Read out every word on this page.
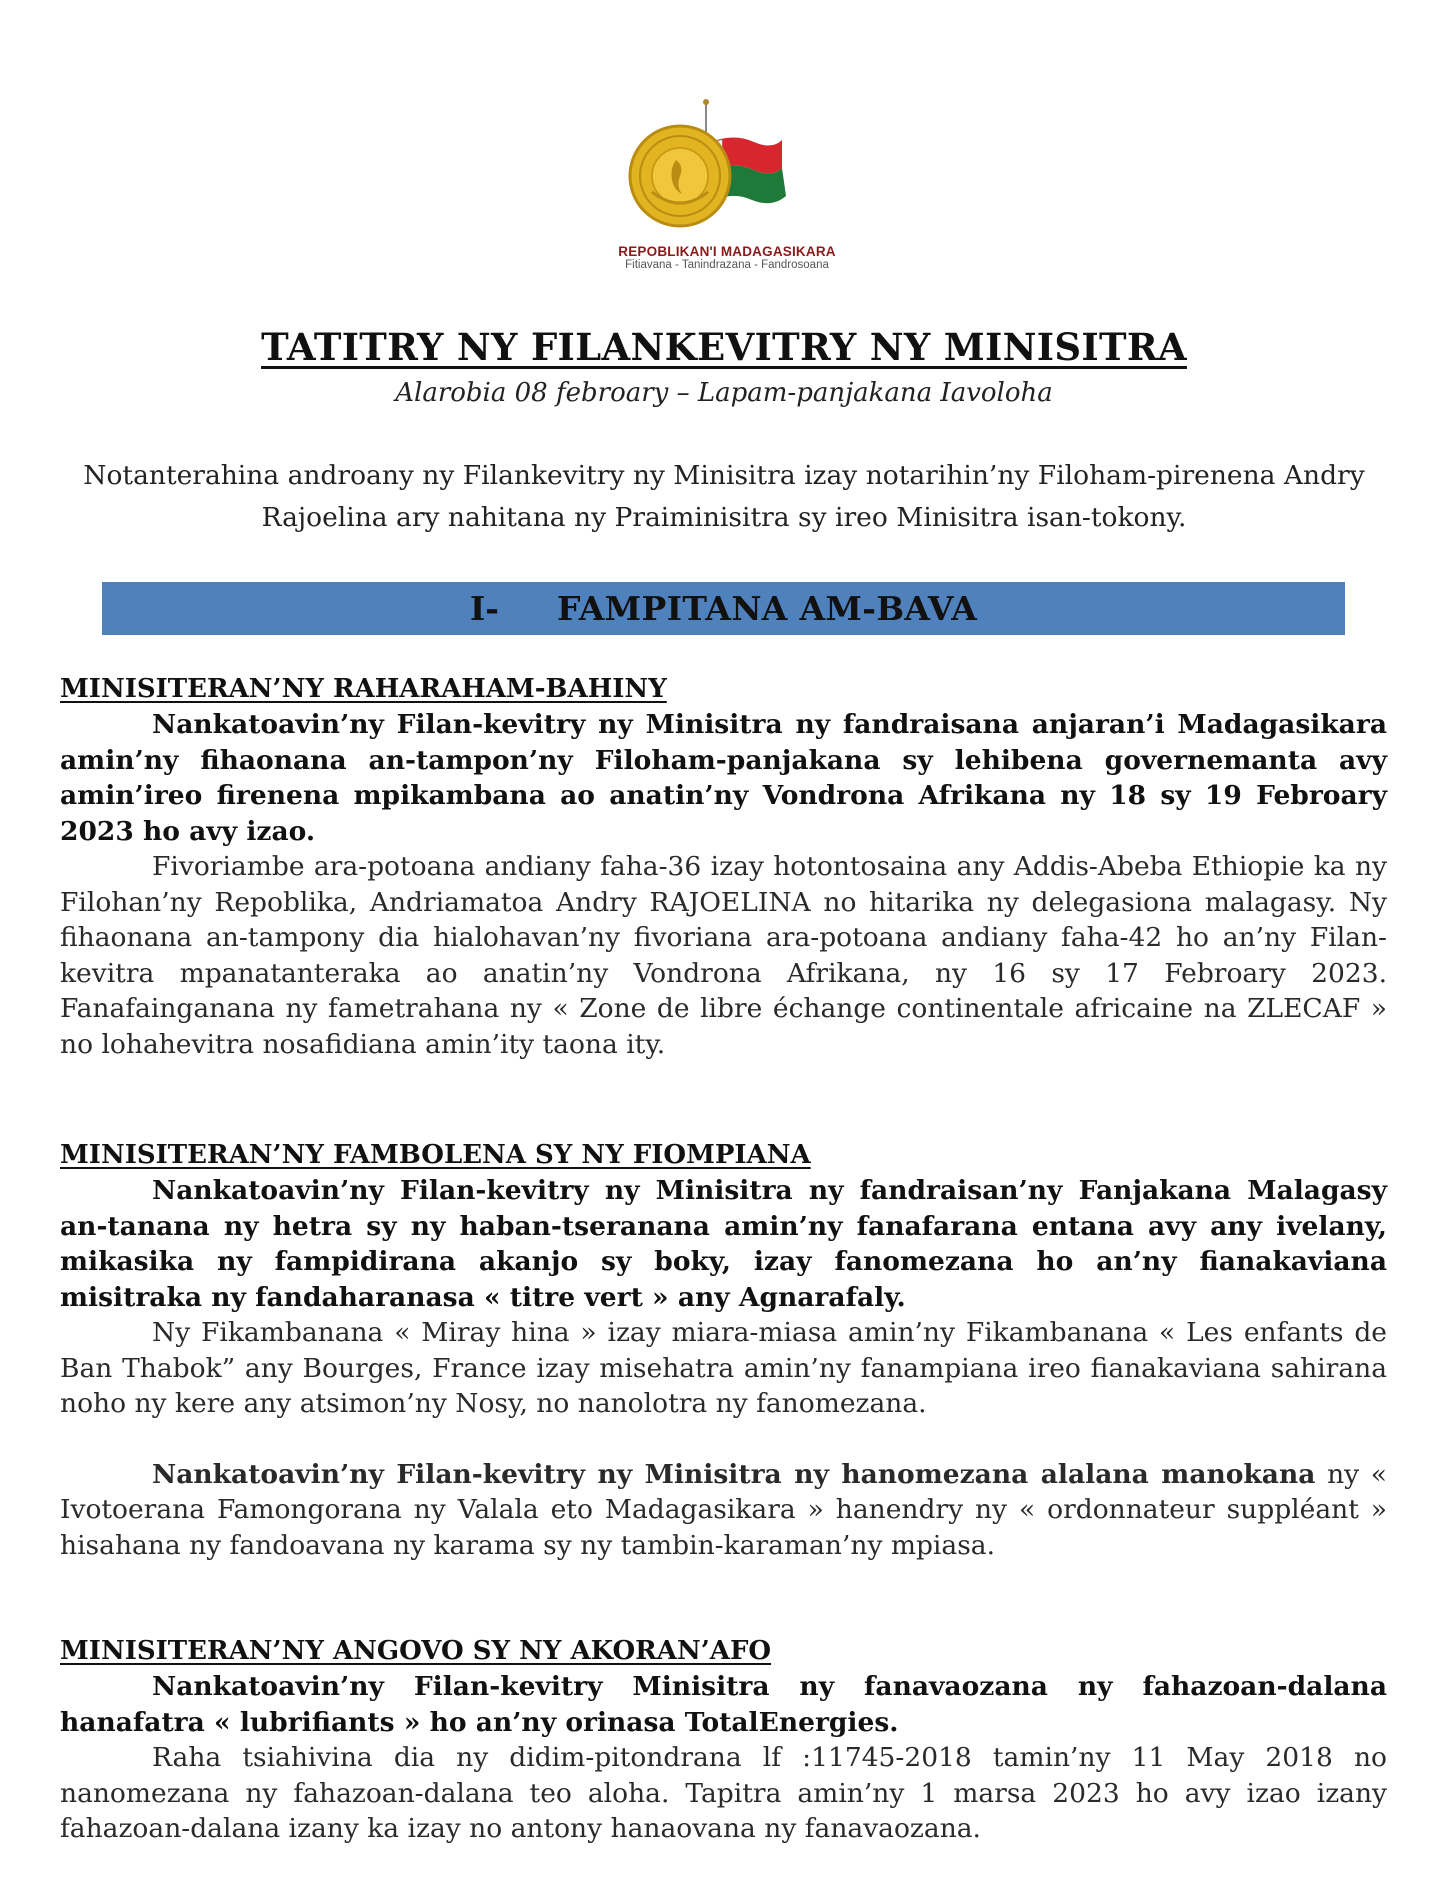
REPOBLIKAN'I MADAGASIKARA
Fitiavana - Tanindrazana - Fandrosoana
TATITRY NY FILANKEVITRY NY MINISITRA
Alarobia 08 febroary – Lapam-panjakana Iavoloha
Notanterahina androany ny Filankevitry ny Minisitra izay notarihin’ny Filoham-pirenena Andry Rajoelina ary nahitana ny Praiminisitra sy ireo Minisitra isan-tokony.
I- FAMPITANA AM-BAVA

MINISITERAN’NY RAHARAHAM-BAHINY

Nankatoavin’ny Filan-kevitry ny Minisitra ny fandraisana anjaran’i Madagasikara amin’ny fihaonana an-tampon’ny Filoham-panjakana sy lehibena governemanta avy amin’ireo firenena mpikambana ao anatin’ny Vondrona Afrikana ny 18 sy 19 Febroary 2023 ho avy izao.

Fivoriambe ara-potoana andiany faha-36 izay hotontosaina any Addis-Abeba Ethiopie ka ny Filohan’ny Repoblika, Andriamatoa Andry RAJOELINA no hitarika ny delegasiona malagasy. Ny fihaonana an-tampony dia hialohavan’ny fivoriana ara-potoana andiany faha-42 ho an’ny Filan-kevitra mpanatanteraka ao anatin’ny Vondrona Afrikana, ny 16 sy 17 Febroary 2023. Fanafainganana ny fametrahana ny « Zone de libre échange continentale africaine na ZLECAF » no lohahevitra nosafidiana amin’ity taona ity.

MINISITERAN’NY FAMBOLENA SY NY FIOMPIANA

Nankatoavin’ny Filan-kevitry ny Minisitra ny fandraisan’ny Fanjakana Malagasy an-tanana ny hetra sy ny haban-tseranana amin’ny fanafarana entana avy any ivelany, mikasika ny fampidirana akanjo sy boky, izay fanomezana ho an’ny fianakaviana misitraka ny fandaharanasa « titre vert » any Agnarafaly.

Ny Fikambanana « Miray hina » izay miara-miasa amin’ny Fikambanana « Les enfants de Ban Thabok” any Bourges, France izay misehatra amin’ny fanampiana ireo fianakaviana sahirana noho ny kere any atsimon’ny Nosy, no nanolotra ny fanomezana.

Nankatoavin’ny Filan-kevitry ny Minisitra ny hanomezana alalana manokana ny « Ivotoerana Famongorana ny Valala eto Madagasikara » hanendry ny « ordonnateur suppléant » hisahana ny fandoavana ny karama sy ny tambin-karaman’ny mpiasa.

MINISITERAN’NY ANGOVO SY NY AKORAN’AFO

Nankatoavin’ny Filan-kevitry Minisitra ny fanavaozana ny fahazoan-dalana hanafatra « lubrifiants » ho an’ny orinasa TotalEnergies.

Raha tsiahivina dia ny didim-pitondrana lf :11745-2018 tamin’ny 11 May 2018 no nanomezana ny fahazoan-dalana teo aloha. Tapitra amin’ny 1 marsa 2023 ho avy izao izany fahazoan-dalana izany ka izay no antony hanaovana ny fanavaozana.
